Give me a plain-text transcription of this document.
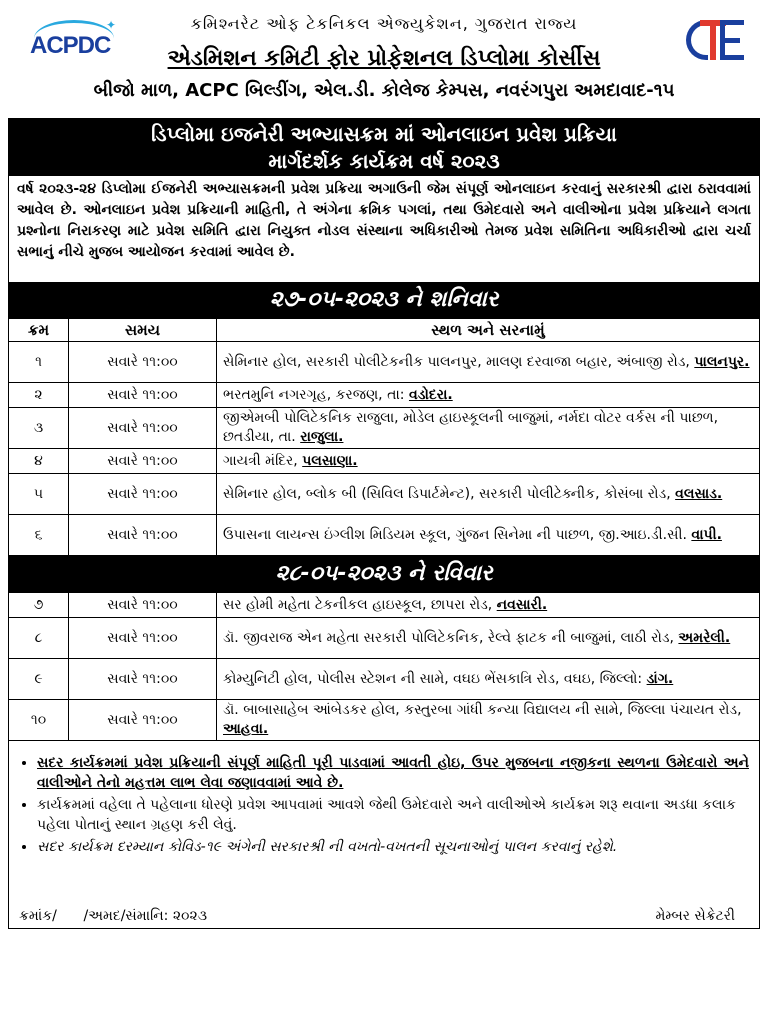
✦
ACPDC
કમિશ્નરેટ ઓફ ટેકનિકલ એજ્યુકેશન, ગુજરાત રાજ્ય
એડમિશન કમિટી ફોર પ્રોફેશનલ ડિપ્લોમા કોર્સીસ
બીજો માળ, ACPC બિલ્ડીંગ, એલ.ડી. કોલેજ કેમ્પસ, નવરંગપુરા અમદાવાદ-૧૫
ડિપ્લોમા ઇજનેરી અભ્યાસક્રમ માં ઓનલાઇન પ્રવેશ પ્રક્રિયા
માર્ગદર્શક કાર્યક્રમ વર્ષ ૨૦૨૩
વર્ષ ૨૦૨૩-૨૪ ડિપ્લોમા ઈજનેરી અભ્યાસક્રમની પ્રવેશ પ્રક્રિયા અગાઉની જેમ સંપૂર્ણ ઓનલાઇન કરવાનું સરકારશ્રી દ્વારા ઠરાવવામાં આવેલ છે. ઓનલાઇન પ્રવેશ પ્રક્રિયાની માહિતી, તે અંગેના ક્રમિક પગલાં, તથા ઉમેદવારો અને વાલીઓના પ્રવેશ પ્રક્રિયાને લગતા પ્રશ્નોના નિરાકરણ માટે પ્રવેશ સમિતિ દ્વારા નિયુક્ત નોડલ સંસ્થાના અધિકારીઓ તેમજ પ્રવેશ સમિતિના અધિકારીઓ દ્વારા ચર્ચા સભાનું નીચે મુજબ આયોજન કરવામાં આવેલ છે.
૨૭-૦૫-૨૦૨૩ ને શનિવાર
ક્રમ	સમય	સ્થળ અને સરનામું
૧	સવારે ૧૧:૦૦	સેમિનાર હોલ, સરકારી પોલીટેકનીક પાલનપુર, માલણ દરવાજા બહાર, અંબાજી રોડ, પાલનપુર.
૨	સવારે ૧૧:૦૦	ભરતમુનિ નગરગૃહ, કરજણ, તા: વડોદરા.
૩	સવારે ૧૧:૦૦	જીએમબી પોલિટેકનિક રાજુલા, મોડેલ હાઇસ્કૂલની બાજુમાં, નર્મદા વોટર વર્કસ ની પાછળ, છતડીયા, તા. રાજુલા.
૪	સવારે ૧૧:૦૦	ગાયત્રી મંદિર, પલસાણા.
૫	સવારે ૧૧:૦૦	સેમિનાર હોલ, બ્લોક બી (સિવિલ ડિપાર્ટમેન્ટ), સરકારી પોલીટેક્નીક, કોસંબા રોડ, વલસાડ.
૬	સવારે ૧૧:૦૦	ઉપાસના લાયન્સ ઇંગ્લીશ મિડિયમ સ્કૂલ, ગુંજન સિનેમા ની પાછળ, જી.આઇ.ડી.સી. વાપી.
૨૮-૦૫-૨૦૨૩ ને રવિવાર
૭	સવારે ૧૧:૦૦	સર હોમી મહેતા ટેકનીકલ હાઇસ્કૂલ, છાપરા રોડ, નવસારી.
૮	સવારે ૧૧:૦૦	ડૉ. જીવરાજ એન મહેતા સરકારી પોલિટેકનિક, રેલ્વે ફાટક ની બાજુમાં, લાઠી રોડ, અમરેલી.
૯	સવારે ૧૧:૦૦	કોમ્યુનિટી હોલ, પોલીસ સ્ટેશન ની સામે, વઘઇ ભેંસકાત્રિ રોડ, વઘઇ, જિલ્લો: ડાંગ.
૧૦	સવારે ૧૧:૦૦	ડૉ. બાબાસાહેબ આંબેડકર હોલ, કસ્તુરબા ગાંધી કન્યા વિદ્યાલય ની સામે, જિલ્લા પંચાયત રોડ, આહવા.
• સદર કાર્યક્રમમાં પ્રવેશ પ્રક્રિયાની સંપૂર્ણ માહિતી પૂરી પાડવામાં આવતી હોઇ, ઉપર મુજબના નજીકના સ્થળના ઉમેદવારો અને વાલીઓને તેનો મહત્તમ લાભ લેવા જણાવવામાં આવે છે.
• કાર્યક્રમમાં વહેલા તે પહેલાના ધોરણે પ્રવેશ આપવામાં આવશે જેથી ઉમેદવારો અને વાલીઓએ કાર્યક્રમ શરૂ થવાના અડધા કલાક પહેલા પોતાનું સ્થાન ગ્રહણ કરી લેવું.
• સદર કાર્યક્રમ દરમ્યાન કોવિડ-૧૯ અંગેની સરકારશ્રી ની વખતો-વખતની સૂચનાઓનું પાલન કરવાનું રહેશે.
ક્રમાંક/      /અમદ/સંમાનિ: ૨૦૨૩	મેમ્બર સેક્રેટરી
